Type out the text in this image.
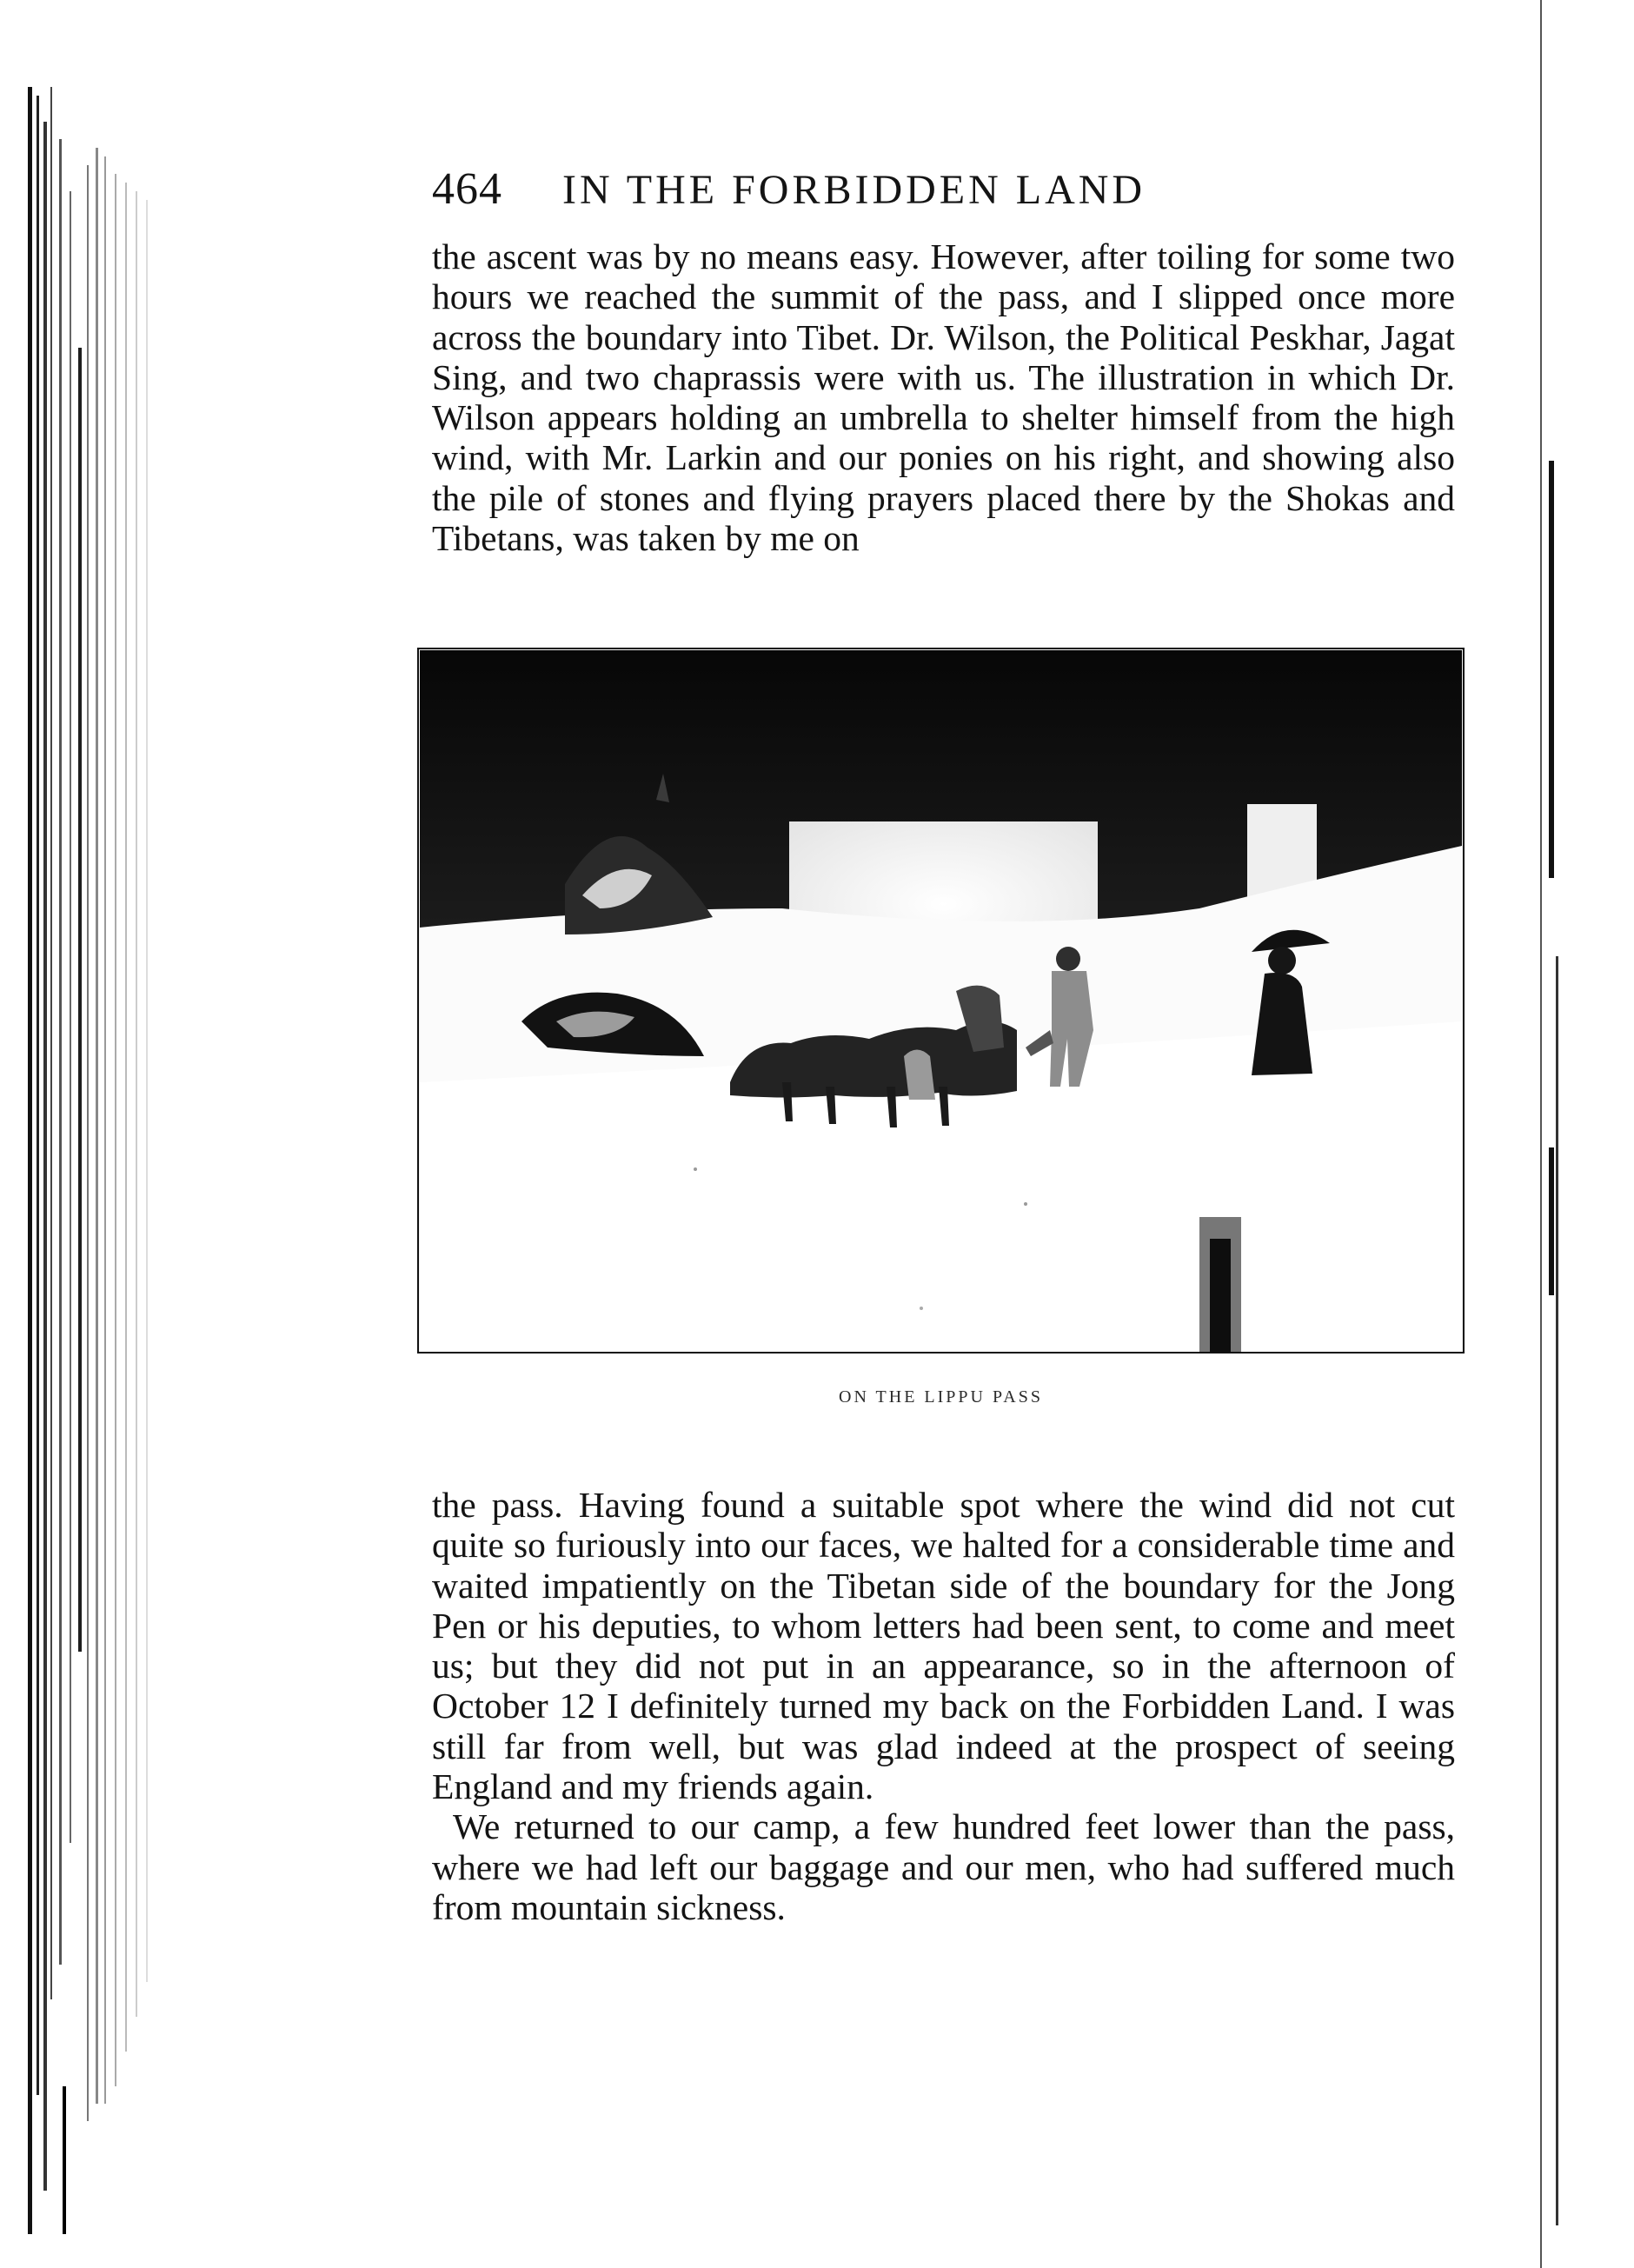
464	IN THE FORBIDDEN LAND

the ascent was by no means easy. However, after toiling for some two hours we reached the summit of the pass, and I slipped once more across the boundary into Tibet. Dr. Wilson, the Political Peskhar, Jagat Sing, and two chaprassis were with us. The illustration in which Dr. Wilson appears holding an umbrella to shelter himself from the high wind, with Mr. Larkin and our ponies on his right, and showing also the pile of stones and flying prayers placed there by the Shokas and Tibetans, was taken by me on

ON THE LIPPU PASS

the pass. Having found a suitable spot where the wind did not cut quite so furiously into our faces, we halted for a considerable time and waited impatiently on the Tibetan side of the boundary for the Jong Pen or his deputies, to whom letters had been sent, to come and meet us; but they did not put in an appearance, so in the afternoon of October 12 I definitely turned my back on the Forbidden Land. I was still far from well, but was glad indeed at the prospect of seeing England and my friends again.

We returned to our camp, a few hundred feet lower than the pass, where we had left our baggage and our men, who had suffered much from mountain sickness.
